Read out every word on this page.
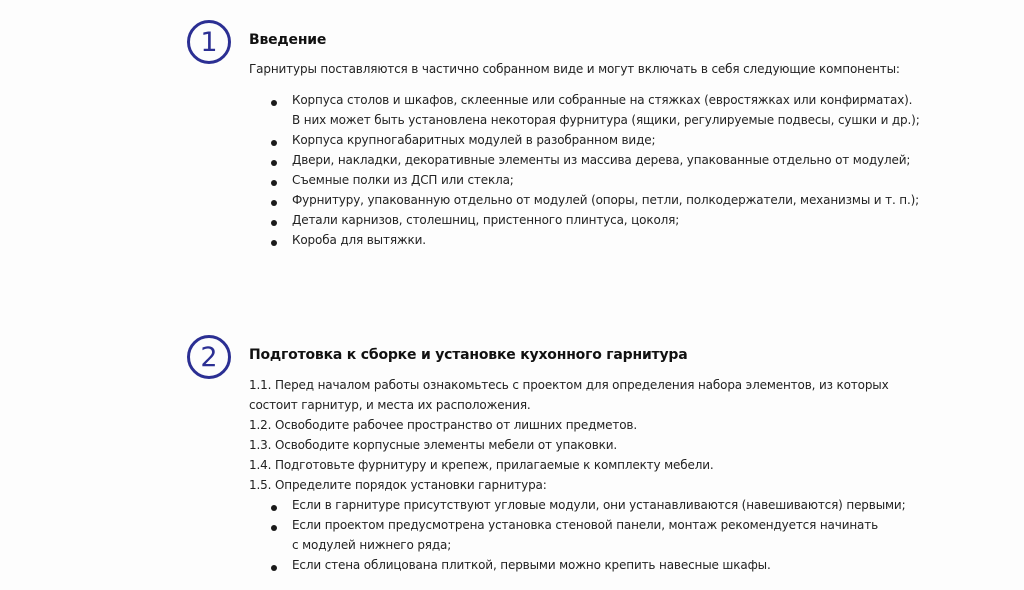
1	Введение
Гарнитуры поставляются в частично собранном виде и могут включать в себя следующие компоненты:
Корпуса столов и шкафов, склеенные или собранные на стяжках (евростяжках или конфирматах).
В них может быть установлена некоторая фурнитура (ящики, регулируемые подвесы, сушки и др.);
Корпуса крупногабаритных модулей в разобранном виде;
Двери, накладки, декоративные элементы из массива дерева, упакованные отдельно от модулей;
Съемные полки из ДСП или стекла;
Фурнитуру, упакованную отдельно от модулей (опоры, петли, полкодержатели, механизмы и т. п.);
Детали карнизов, столешниц, пристенного плинтуса, цоколя;
Короба для вытяжки.
2	Подготовка к сборке и установке кухонного гарнитура
1.1. Перед началом работы ознакомьтесь с проектом для определения набора элементов, из которых
состоит гарнитур, и места их расположения.
1.2. Освободите рабочее пространство от лишних предметов.
1.3. Освободите корпусные элементы мебели от упаковки.
1.4. Подготовьте фурнитуру и крепеж, прилагаемые к комплекту мебели.
1.5. Определите порядок установки гарнитура:
Если в гарнитуре присутствуют угловые модули, они устанавливаются (навешиваются) первыми;
Если проектом предусмотрена установка стеновой панели, монтаж рекомендуется начинать
с модулей нижнего ряда;
Если стена облицована плиткой, первыми можно крепить навесные шкафы.
